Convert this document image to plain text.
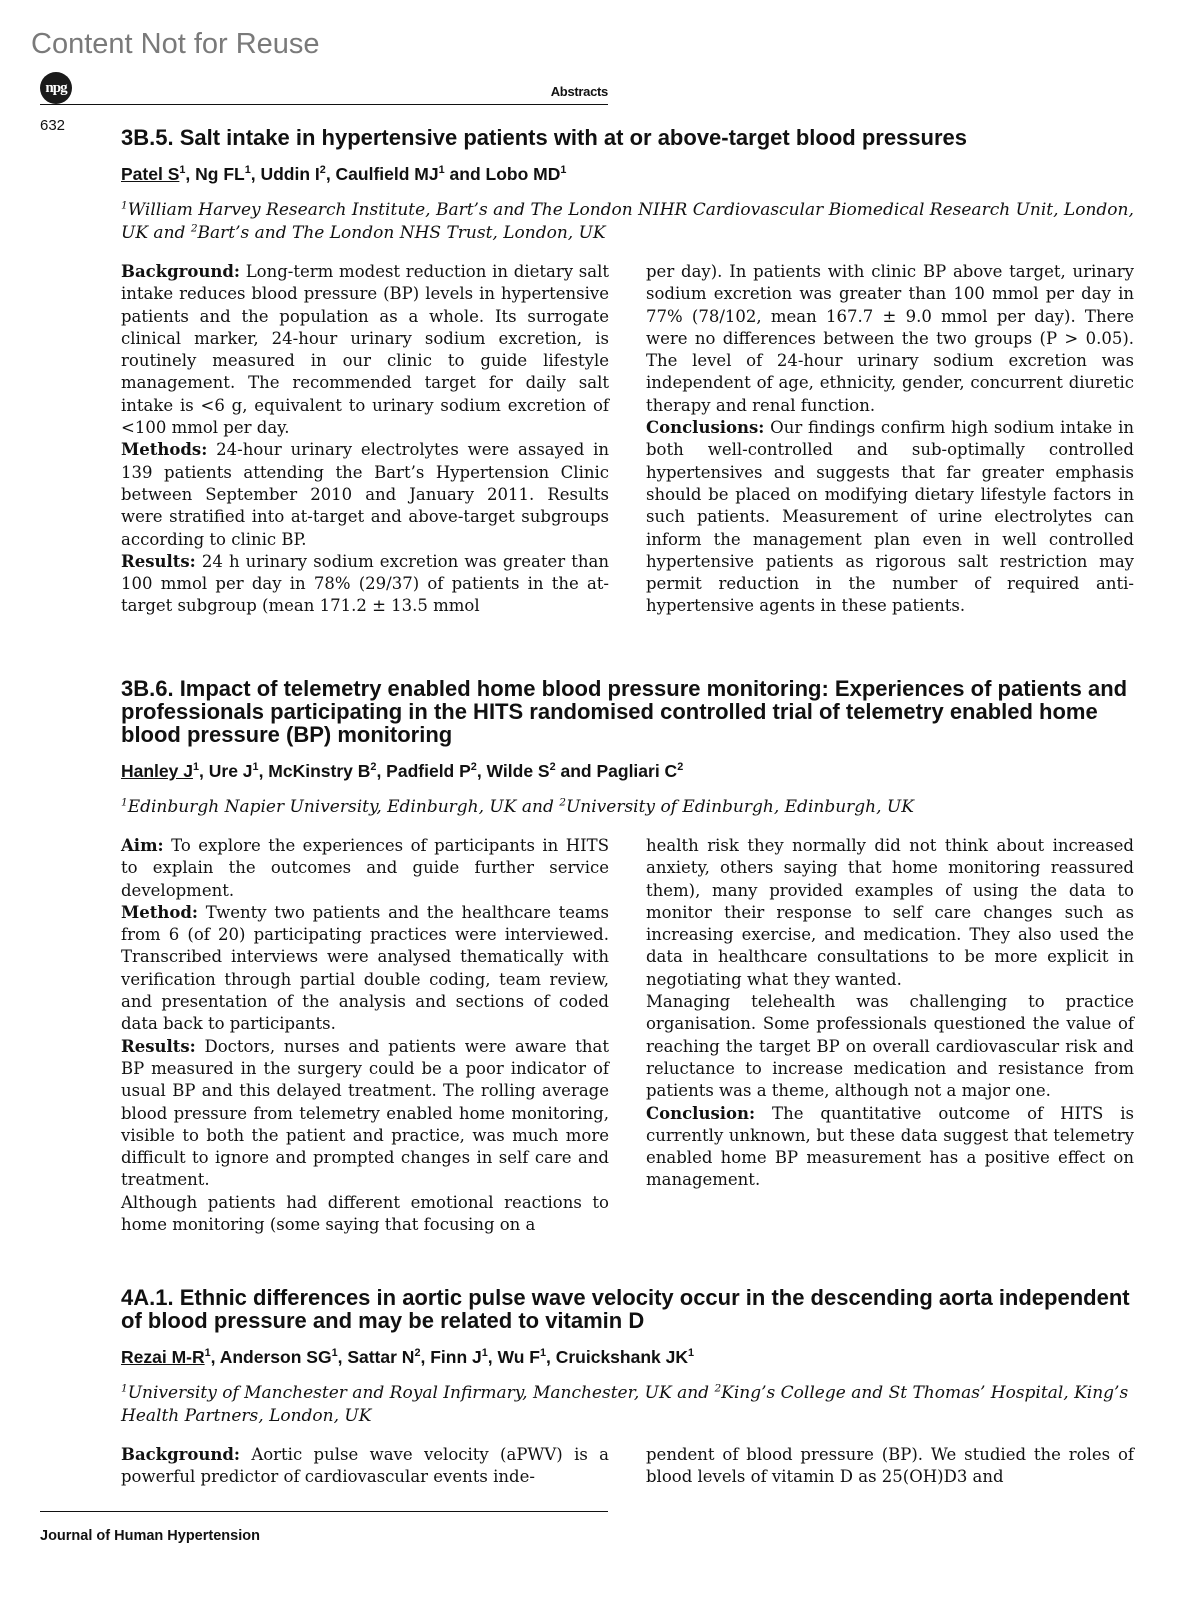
Content Not for Reuse
npg	Abstracts
632	3B.5. Salt intake in hypertensive patients with at or above-target blood pressures
Patel $S^1$, Ng $FL^1$, Uddin $I^2$, Caulfield $MJ^1$ and Lobo $MD^1$
$^1$William Harvey Research Institute, Bart’s and The London NIHR Cardiovascular Biomedical Research Unit, London, UK and $^2$Bart’s and The London NHS Trust, London, UK

Background: Long-term modest reduction in dietary salt intake reduces blood pressure (BP) levels in hypertensive patients and the population as a whole. Its surrogate clinical marker, 24-hour urinary sodium excretion, is routinely measured in our clinic to guide lifestyle management. The recommended target for daily salt intake is <6 g, equivalent to urinary sodium excretion of <100 mmol per day.

Methods: 24-hour urinary electrolytes were assayed in 139 patients attending the Bart’s Hypertension Clinic between September 2010 and January 2011. Results were stratified into at-target and above-target subgroups according to clinic BP.

Results: 24 h urinary sodium excretion was greater than 100 mmol per day in 78% (29/37) of patients in the at-target subgroup (mean 171.2 ± 13.5 mmol

per day). In patients with clinic BP above target, urinary sodium excretion was greater than 100 mmol per day in 77% (78/102, mean 167.7 ± 9.0 mmol per day). There were no differences between the two groups (P > 0.05). The level of 24-hour urinary sodium excretion was independent of age, ethnicity, gender, concurrent diuretic therapy and renal function.

Conclusions: Our findings confirm high sodium intake in both well-controlled and sub-optimally controlled hypertensives and suggests that far greater emphasis should be placed on modifying dietary lifestyle factors in such patients. Measurement of urine electrolytes can inform the management plan even in well controlled hypertensive patients as rigorous salt restriction may permit reduction in the number of required anti-hypertensive agents in these patients.

3B.6. Impact of telemetry enabled home blood pressure monitoring: Experiences of patients and professionals participating in the HITS randomised controlled trial of telemetry enabled home blood pressure (BP) monitoring
Hanley $J^1$, Ure $J^1$, McKinstry $B^2$, Padfield $P^2$, Wilde $S^2$ and Pagliari $C^2$
$^1$Edinburgh Napier University, Edinburgh, UK and $^2$University of Edinburgh, Edinburgh, UK

Aim: To explore the experiences of participants in HITS to explain the outcomes and guide further service development.

Method: Twenty two patients and the healthcare teams from 6 (of 20) participating practices were interviewed. Transcribed interviews were analysed thematically with verification through partial double coding, team review, and presentation of the analysis and sections of coded data back to participants.

Results: Doctors, nurses and patients were aware that BP measured in the surgery could be a poor indicator of usual BP and this delayed treatment. The rolling average blood pressure from telemetry enabled home monitoring, visible to both the patient and practice, was much more difficult to ignore and prompted changes in self care and treatment.

Although patients had different emotional reactions to home monitoring (some saying that focusing on a

health risk they normally did not think about increased anxiety, others saying that home monitoring reassured them), many provided examples of using the data to monitor their response to self care changes such as increasing exercise, and medication. They also used the data in healthcare consultations to be more explicit in negotiating what they wanted.

Managing telehealth was challenging to practice organisation. Some professionals questioned the value of reaching the target BP on overall cardiovascular risk and reluctance to increase medication and resistance from patients was a theme, although not a major one.

Conclusion: The quantitative outcome of HITS is currently unknown, but these data suggest that telemetry enabled home BP measurement has a positive effect on management.

4A.1. Ethnic differences in aortic pulse wave velocity occur in the descending aorta independent of blood pressure and may be related to vitamin D
Rezai $M-R^1$, Anderson $SG^1$, Sattar $N^2$, Finn $J^1$, Wu $F^1$, Cruickshank $JK^1$
$^1$University of Manchester and Royal Infirmary, Manchester, UK and $^2$King’s College and St Thomas’ Hospital, King’s Health Partners, London, UK

Background: Aortic pulse wave velocity (aPWV) is a powerful predictor of cardiovascular events inde-

pendent of blood pressure (BP). We studied the roles of blood levels of vitamin D as 25(OH)D3 and

Journal of Human Hypertension
